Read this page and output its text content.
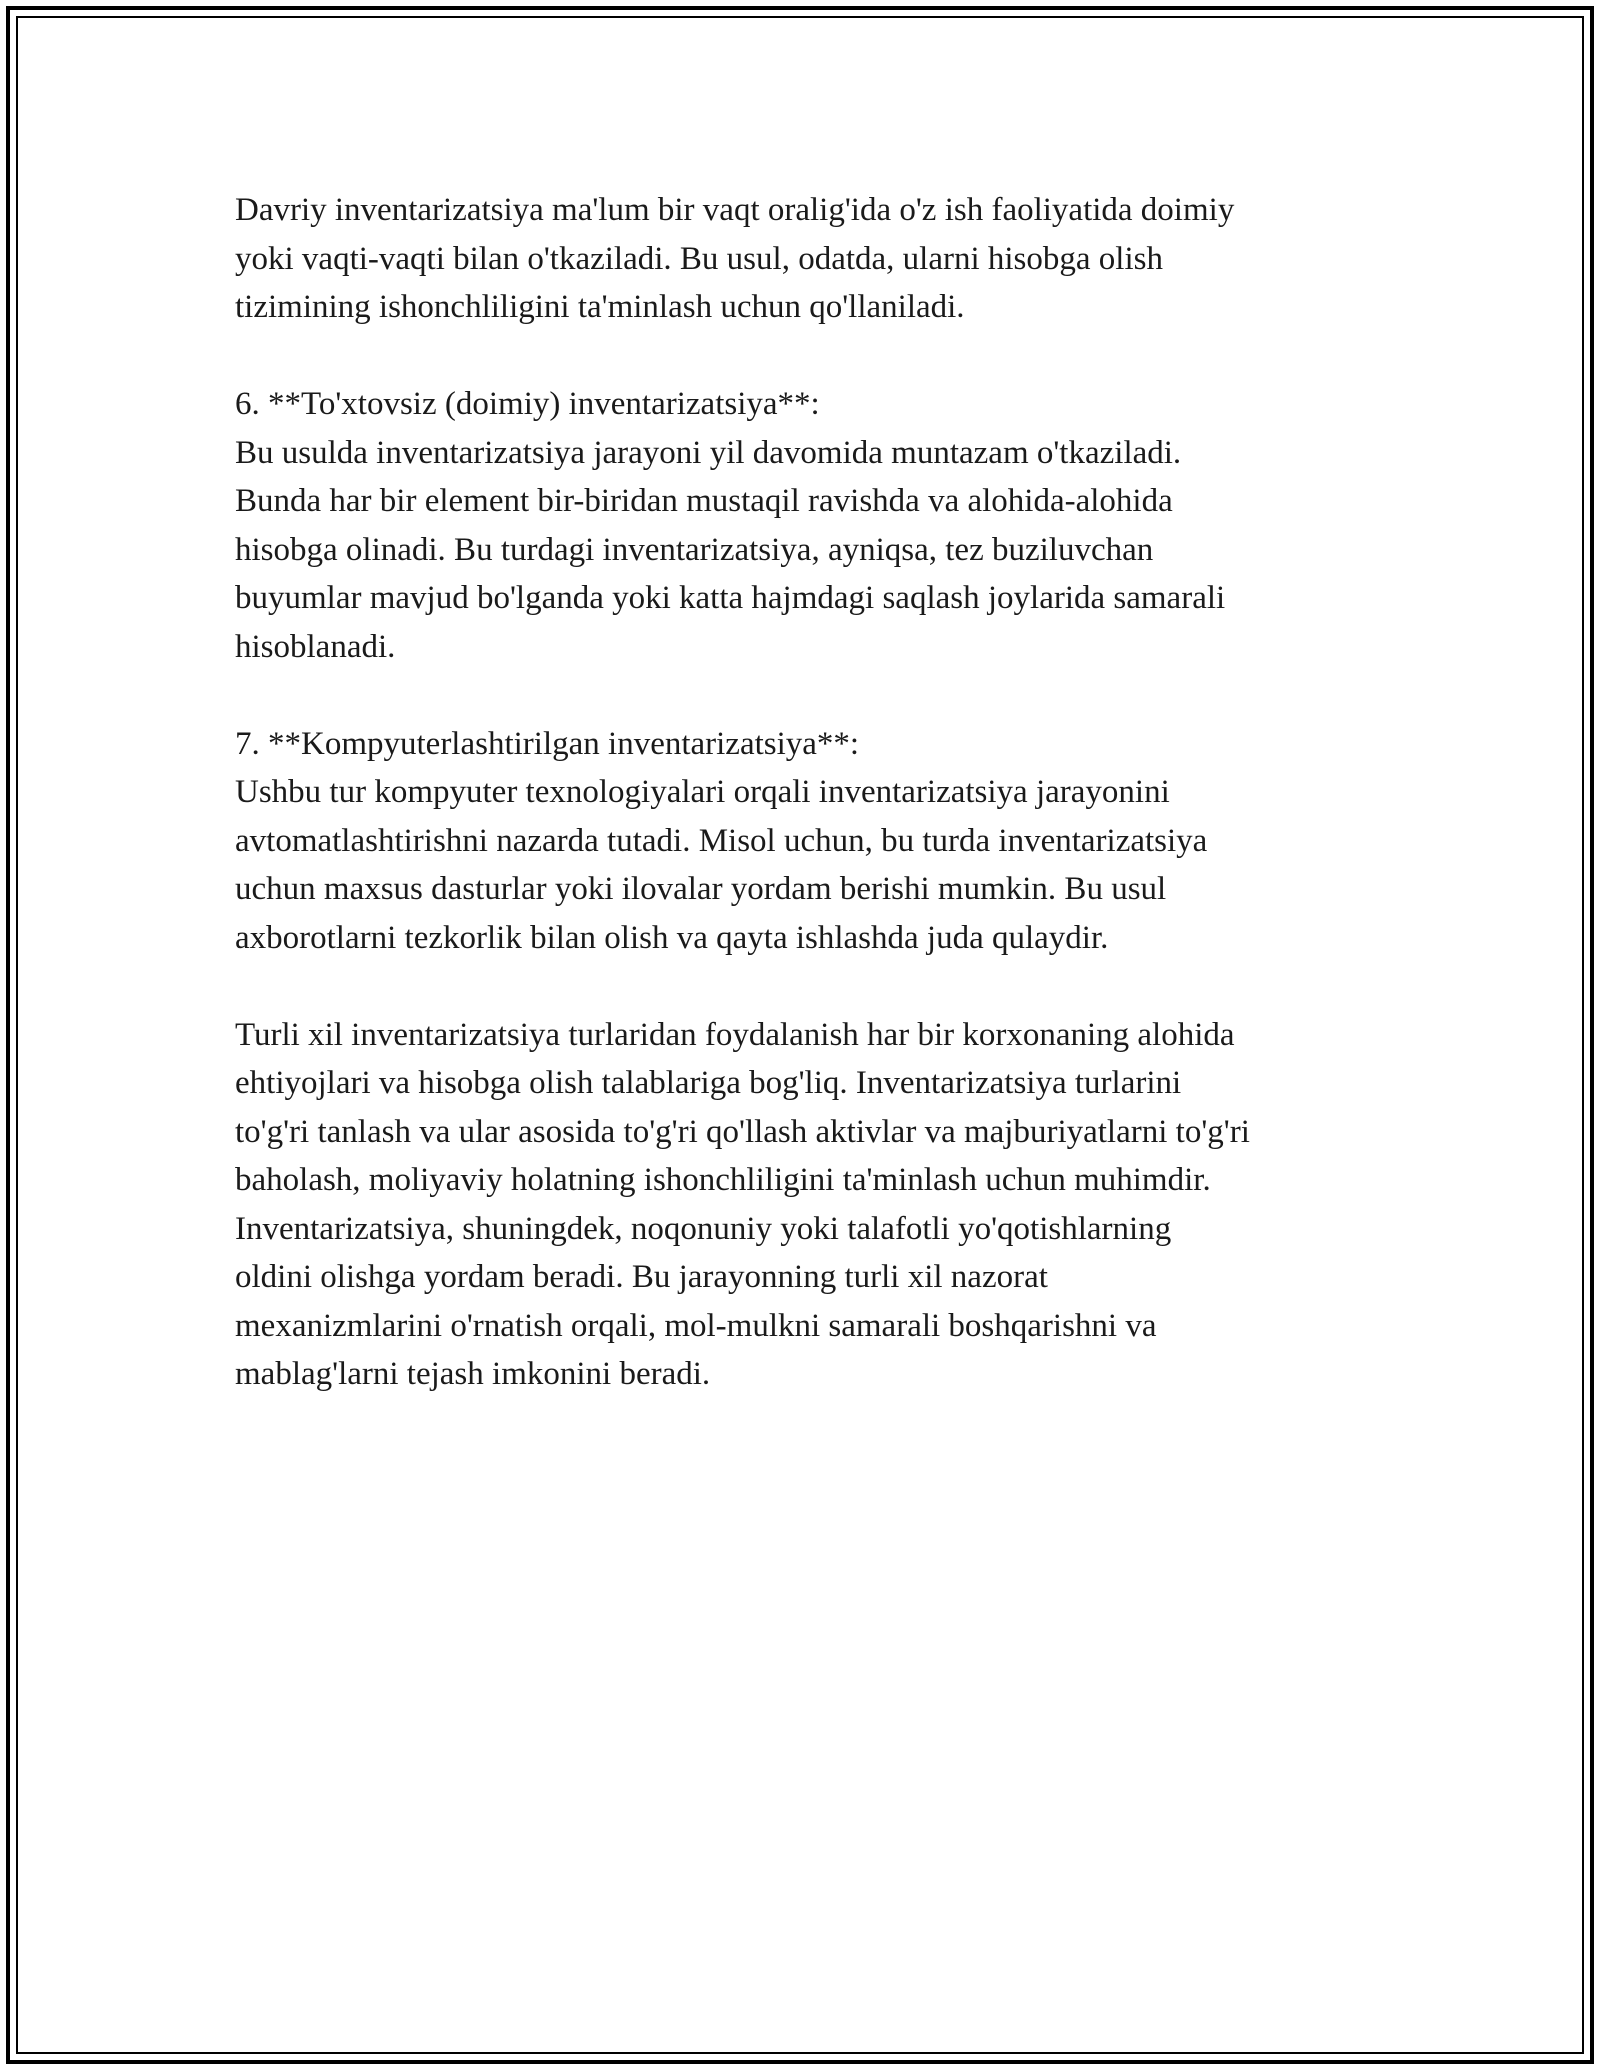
Davriy inventarizatsiya ma'lum bir vaqt oralig'ida o'z ish faoliyatida doimiy
yoki vaqti-vaqti bilan o'tkaziladi. Bu usul, odatda, ularni hisobga olish
tizimining ishonchliligini ta'minlash uchun qo'llaniladi.

6. **To'xtovsiz (doimiy) inventarizatsiya**:
Bu usulda inventarizatsiya jarayoni yil davomida muntazam o'tkaziladi.
Bunda har bir element bir-biridan mustaqil ravishda va alohida-alohida
hisobga olinadi. Bu turdagi inventarizatsiya, ayniqsa, tez buziluvchan
buyumlar mavjud bo'lganda yoki katta hajmdagi saqlash joylarida samarali
hisoblanadi.

7. **Kompyuterlashtirilgan inventarizatsiya**:
Ushbu tur kompyuter texnologiyalari orqali inventarizatsiya jarayonini
avtomatlashtirishni nazarda tutadi. Misol uchun, bu turda inventarizatsiya
uchun maxsus dasturlar yoki ilovalar yordam berishi mumkin. Bu usul
axborotlarni tezkorlik bilan olish va qayta ishlashda juda qulaydir.

Turli xil inventarizatsiya turlaridan foydalanish har bir korxonaning alohida
ehtiyojlari va hisobga olish talablariga bog'liq. Inventarizatsiya turlarini
to'g'ri tanlash va ular asosida to'g'ri qo'llash aktivlar va majburiyatlarni to'g'ri
baholash, moliyaviy holatning ishonchliligini ta'minlash uchun muhimdir.
Inventarizatsiya, shuningdek, noqonuniy yoki talafotli yo'qotishlarning
oldini olishga yordam beradi. Bu jarayonning turli xil nazorat
mexanizmlarini o'rnatish orqali, mol-mulkni samarali boshqarishni va
mablag'larni tejash imkonini beradi.
